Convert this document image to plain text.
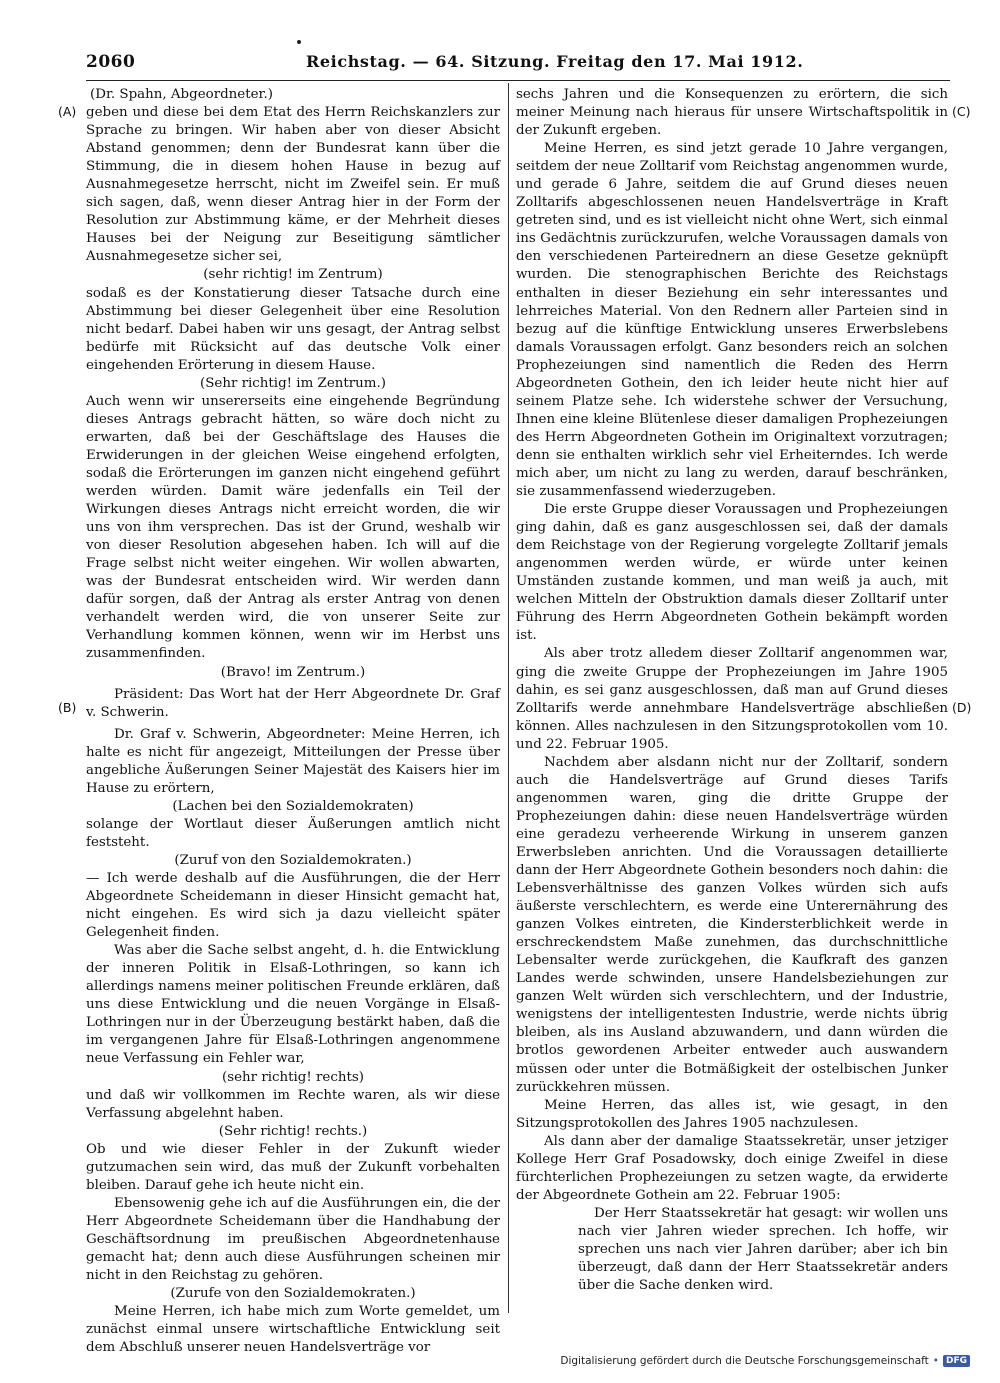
2060	Reichstag. — 64. Sitzung. Freitag den 17. Mai 1912.
(A)
(B)
(C)
(D)

(Dr. Spahn, Abgeordneter.)

geben und diese bei dem Etat des Herrn Reichskanzlers zur Sprache zu bringen. Wir haben aber von dieser Absicht Abstand genommen; denn der Bundesrat kann über die Stimmung, die in diesem hohen Hause in bezug auf Ausnahmegesetze herrscht, nicht im Zweifel sein. Er muß sich sagen, daß, wenn dieser Antrag hier in der Form der Resolution zur Abstimmung käme, er der Mehrheit dieses Hauses bei der Neigung zur Beseitigung sämtlicher Ausnahmegesetze sicher sei,

(sehr richtig! im Zentrum)

sodaß es der Konstatierung dieser Tatsache durch eine Abstimmung bei dieser Gelegenheit über eine Resolution nicht bedarf. Dabei haben wir uns gesagt, der Antrag selbst bedürfe mit Rücksicht auf das deutsche Volk einer eingehenden Erörterung in diesem Hause.

(Sehr richtig! im Zentrum.)

Auch wenn wir unsererseits eine eingehende Begründung dieses Antrags gebracht hätten, so wäre doch nicht zu erwarten, daß bei der Geschäftslage des Hauses die Erwiderungen in der gleichen Weise eingehend erfolgten, sodaß die Erörterungen im ganzen nicht eingehend geführt werden würden. Damit wäre jedenfalls ein Teil der Wirkungen dieses Antrags nicht erreicht worden, die wir uns von ihm versprechen. Das ist der Grund, weshalb wir von dieser Resolution abgesehen haben. Ich will auf die Frage selbst nicht weiter eingehen. Wir wollen abwarten, was der Bundesrat entscheiden wird. Wir werden dann dafür sorgen, daß der Antrag als erster Antrag von denen verhandelt werden wird, die von unserer Seite zur Verhandlung kommen können, wenn wir im Herbst uns zusammenfinden.

(Bravo! im Zentrum.)

Präsident: Das Wort hat der Herr Abgeordnete Dr. Graf v. Schwerin.

Dr. Graf v. Schwerin, Abgeordneter: Meine Herren, ich halte es nicht für angezeigt, Mitteilungen der Presse über angebliche Äußerungen Seiner Majestät des Kaisers hier im Hause zu erörtern,

(Lachen bei den Sozialdemokraten)

solange der Wortlaut dieser Äußerungen amtlich nicht feststeht.

(Zuruf von den Sozialdemokraten.)

— Ich werde deshalb auf die Ausführungen, die der Herr Abgeordnete Scheidemann in dieser Hinsicht gemacht hat, nicht eingehen. Es wird sich ja dazu vielleicht später Gelegenheit finden.

Was aber die Sache selbst angeht, d. h. die Entwicklung der inneren Politik in Elsaß-Lothringen, so kann ich allerdings namens meiner politischen Freunde erklären, daß uns diese Entwicklung und die neuen Vorgänge in Elsaß-Lothringen nur in der Überzeugung bestärkt haben, daß die im vergangenen Jahre für Elsaß-Lothringen angenommene neue Verfassung ein Fehler war,

(sehr richtig! rechts)

und daß wir vollkommen im Rechte waren, als wir diese Verfassung abgelehnt haben.

(Sehr richtig! rechts.)

Ob und wie dieser Fehler in der Zukunft wieder gutzumachen sein wird, das muß der Zukunft vorbehalten bleiben. Darauf gehe ich heute nicht ein.

Ebensowenig gehe ich auf die Ausführungen ein, die der Herr Abgeordnete Scheidemann über die Handhabung der Geschäftsordnung im preußischen Abgeordnetenhause gemacht hat; denn auch diese Ausführungen scheinen mir nicht in den Reichstag zu gehören.

(Zurufe von den Sozialdemokraten.)

Meine Herren, ich habe mich zum Worte gemeldet, um zunächst einmal unsere wirtschaftliche Entwicklung seit dem Abschluß unserer neuen Handelsverträge vor

sechs Jahren und die Konsequenzen zu erörtern, die sich meiner Meinung nach hieraus für unsere Wirtschaftspolitik in der Zukunft ergeben.

Meine Herren, es sind jetzt gerade 10 Jahre vergangen, seitdem der neue Zolltarif vom Reichstag angenommen wurde, und gerade 6 Jahre, seitdem die auf Grund dieses neuen Zolltarifs abgeschlossenen neuen Handelsverträge in Kraft getreten sind, und es ist vielleicht nicht ohne Wert, sich einmal ins Gedächtnis zurückzurufen, welche Voraussagen damals von den verschiedenen Parteirednern an diese Gesetze geknüpft wurden. Die stenographischen Berichte des Reichstags enthalten in dieser Beziehung ein sehr interessantes und lehrreiches Material. Von den Rednern aller Parteien sind in bezug auf die künftige Entwicklung unseres Erwerbslebens damals Voraussagen erfolgt. Ganz besonders reich an solchen Prophezeiungen sind namentlich die Reden des Herrn Abgeordneten Gothein, den ich leider heute nicht hier auf seinem Platze sehe. Ich widerstehe schwer der Versuchung, Ihnen eine kleine Blütenlese dieser damaligen Prophezeiungen des Herrn Abgeordneten Gothein im Originaltext vorzutragen; denn sie enthalten wirklich sehr viel Erheiterndes. Ich werde mich aber, um nicht zu lang zu werden, darauf beschränken, sie zusammenfassend wiederzugeben.

Die erste Gruppe dieser Voraussagen und Prophezeiungen ging dahin, daß es ganz ausgeschlossen sei, daß der damals dem Reichstage von der Regierung vorgelegte Zolltarif jemals angenommen werden würde, er würde unter keinen Umständen zustande kommen, und man weiß ja auch, mit welchen Mitteln der Obstruktion damals dieser Zolltarif unter Führung des Herrn Abgeordneten Gothein bekämpft worden ist.

Als aber trotz alledem dieser Zolltarif angenommen war, ging die zweite Gruppe der Prophezeiungen im Jahre 1905 dahin, es sei ganz ausgeschlossen, daß man auf Grund dieses Zolltarifs werde annehmbare Handelsverträge abschließen können. Alles nachzulesen in den Sitzungsprotokollen vom 10. und 22. Februar 1905.

Nachdem aber alsdann nicht nur der Zolltarif, sondern auch die Handelsverträge auf Grund dieses Tarifs angenommen waren, ging die dritte Gruppe der Prophezeiungen dahin: diese neuen Handelsverträge würden eine geradezu verheerende Wirkung in unserem ganzen Erwerbsleben anrichten. Und die Voraussagen detaillierte dann der Herr Abgeordnete Gothein besonders noch dahin: die Lebensverhältnisse des ganzen Volkes würden sich aufs äußerste verschlechtern, es werde eine Unterernährung des ganzen Volkes eintreten, die Kindersterblichkeit werde in erschreckendstem Maße zunehmen, das durchschnittliche Lebensalter werde zurückgehen, die Kaufkraft des ganzen Landes werde schwinden, unsere Handelsbeziehungen zur ganzen Welt würden sich verschlechtern, und der Industrie, wenigstens der intelligentesten Industrie, werde nichts übrig bleiben, als ins Ausland abzuwandern, und dann würden die brotlos gewordenen Arbeiter entweder auch auswandern müssen oder unter die Botmäßigkeit der ostelbischen Junker zurückkehren müssen.

Meine Herren, das alles ist, wie gesagt, in den Sitzungsprotokollen des Jahres 1905 nachzulesen.

Als dann aber der damalige Staatssekretär, unser jetziger Kollege Herr Graf Posadowsky, doch einige Zweifel in diese fürchterlichen Prophezeiungen zu setzen wagte, da erwiderte der Abgeordnete Gothein am 22. Februar 1905:

Der Herr Staatssekretär hat gesagt: wir wollen uns nach vier Jahren wieder sprechen. Ich hoffe, wir sprechen uns nach vier Jahren darüber; aber ich bin überzeugt, daß dann der Herr Staatssekretär anders über die Sache denken wird.

Digitalisierung gefördert durch die Deutsche Forschungsgemeinschaft • DFG
